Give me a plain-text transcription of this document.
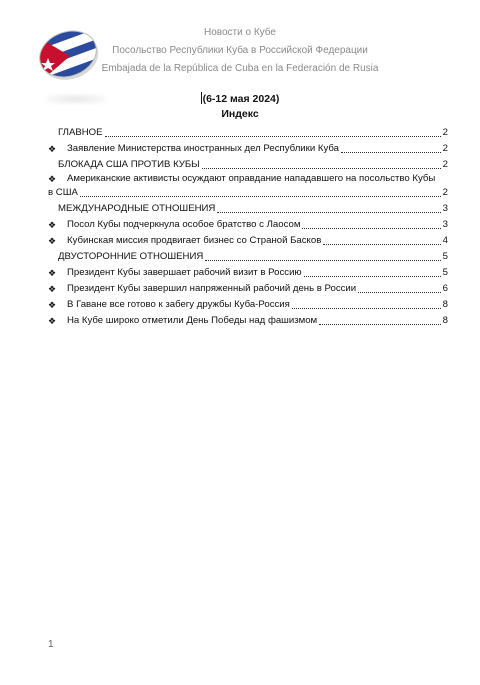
Новости о Кубе
Посольство Республики Куба в Российской Федерации
Embajada de la República de Cuba en la Federación de Rusia
(6-12 мая 2024)
Индекс
ГЛАВНОЕ	2
❖	Заявление Министерства иностранных дел Республики Куба	2
БЛОКАДА США ПРОТИВ КУБЫ	2
❖	Американские активисты осуждают оправдание нападавшего на посольство Кубы
в США	2
МЕЖДУНАРОДНЫЕ ОТНОШЕНИЯ	3
❖	Посол Кубы подчеркнула особое братство с Лаосом	3
❖	Кубинская миссия продвигает бизнес со Страной Басков	4
ДВУСТОРОННИЕ ОТНОШЕНИЯ	5
❖	Президент Кубы завершает рабочий визит в Россию	5
❖	Президент Кубы завершил напряженный рабочий день в России	6
❖	В Гаване все готово к забегу дружбы Куба-Россия	8
❖	На Кубе широко отметили День Победы над фашизмом	8
1
